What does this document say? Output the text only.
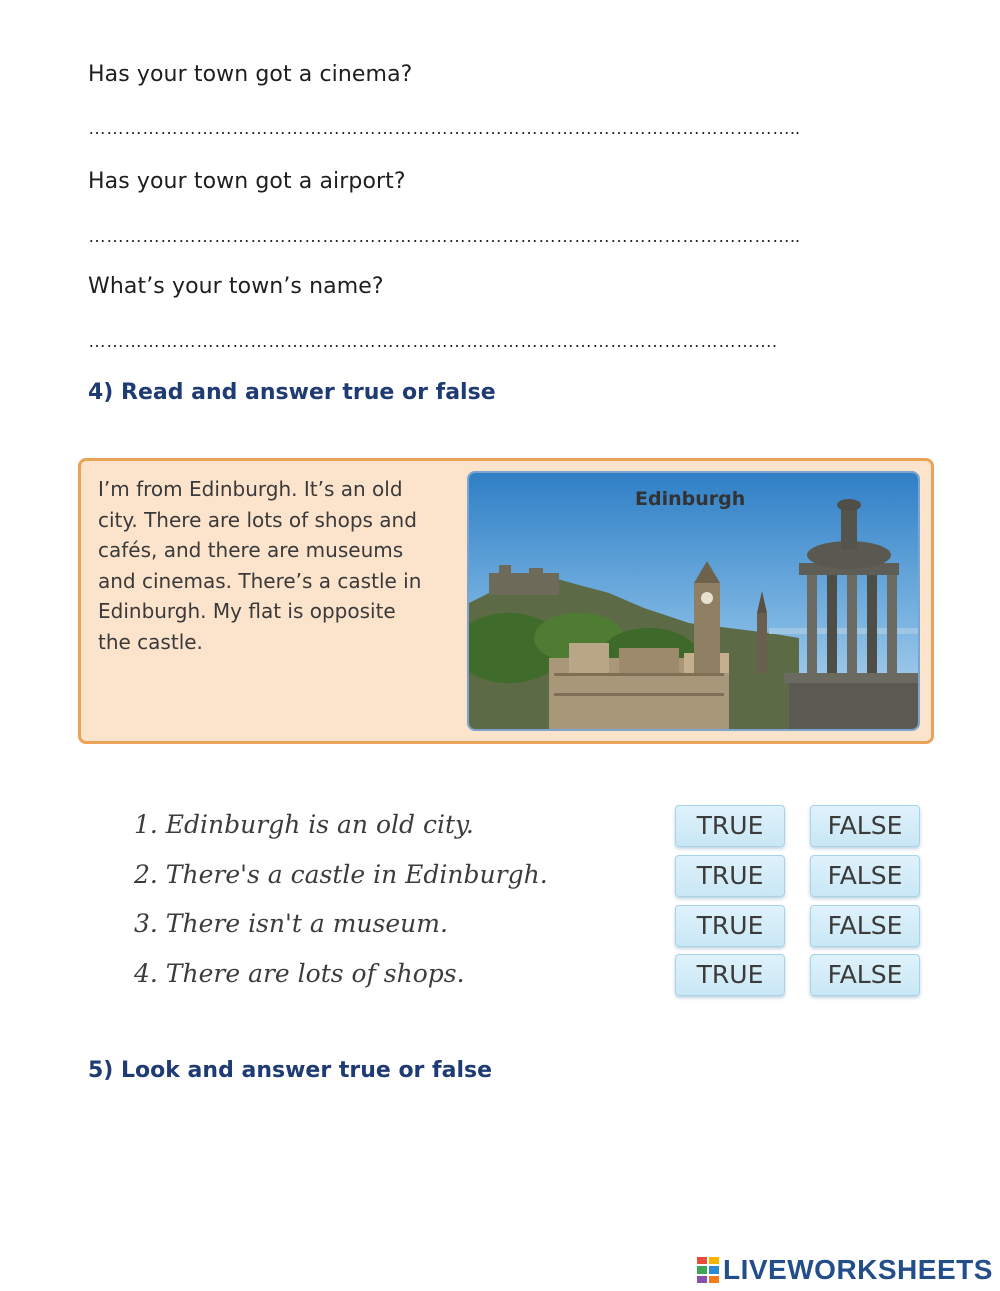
Has your town got a cinema?
………………………………………………………………………………………………………..
Has your town got a airport?
………………………………………………………………………………………………………..
What’s your town’s name?
…………………………………………………………………………………………………….
4) Read and answer true or false
I’m from Edinburgh. It’s an old
city. There are lots of shops and
cafés, and there are museums
and cinemas. There’s a castle in
Edinburgh. My flat is opposite
the castle.
Edinburgh
1. Edinburgh is an old city.	TRUE	FALSE
2. There's a castle in Edinburgh.	TRUE	FALSE
3. There isn't a museum.	TRUE	FALSE
4. There are lots of shops.	TRUE	FALSE
5) Look and answer true or false
LIVEWORKSHEETS
